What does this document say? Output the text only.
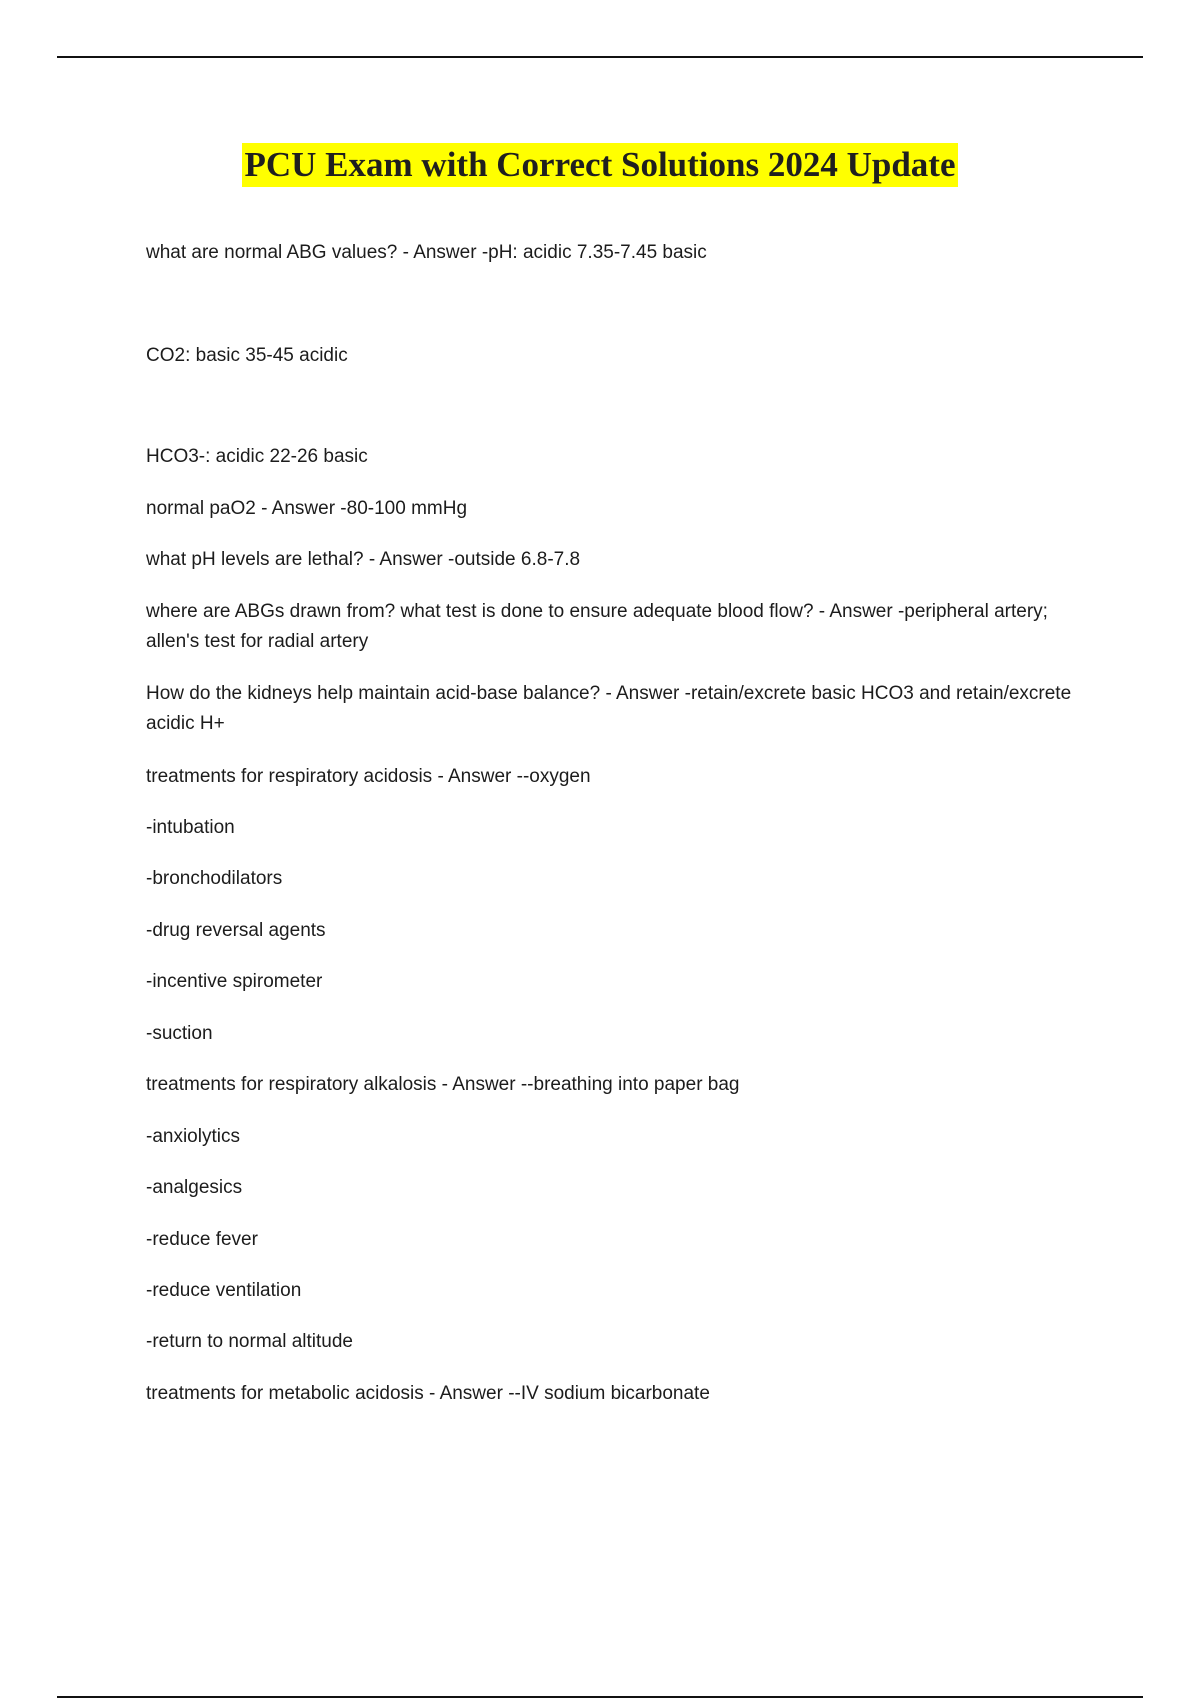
PCU Exam with Correct Solutions 2024 Update

what are normal ABG values? - Answer -pH: acidic 7.35-7.45 basic

CO2: basic 35-45 acidic

HCO3-: acidic 22-26 basic

normal paO2 - Answer -80-100 mmHg

what pH levels are lethal? - Answer -outside 6.8-7.8

where are ABGs drawn from? what test is done to ensure adequate blood flow? - Answer -peripheral artery; allen's test for radial artery

How do the kidneys help maintain acid-base balance? - Answer -retain/excrete basic HCO3 and retain/excrete acidic H+

treatments for respiratory acidosis - Answer --oxygen

-intubation

-bronchodilators

-drug reversal agents

-incentive spirometer

-suction

treatments for respiratory alkalosis - Answer --breathing into paper bag

-anxiolytics

-analgesics

-reduce fever

-reduce ventilation

-return to normal altitude

treatments for metabolic acidosis - Answer --IV sodium bicarbonate
